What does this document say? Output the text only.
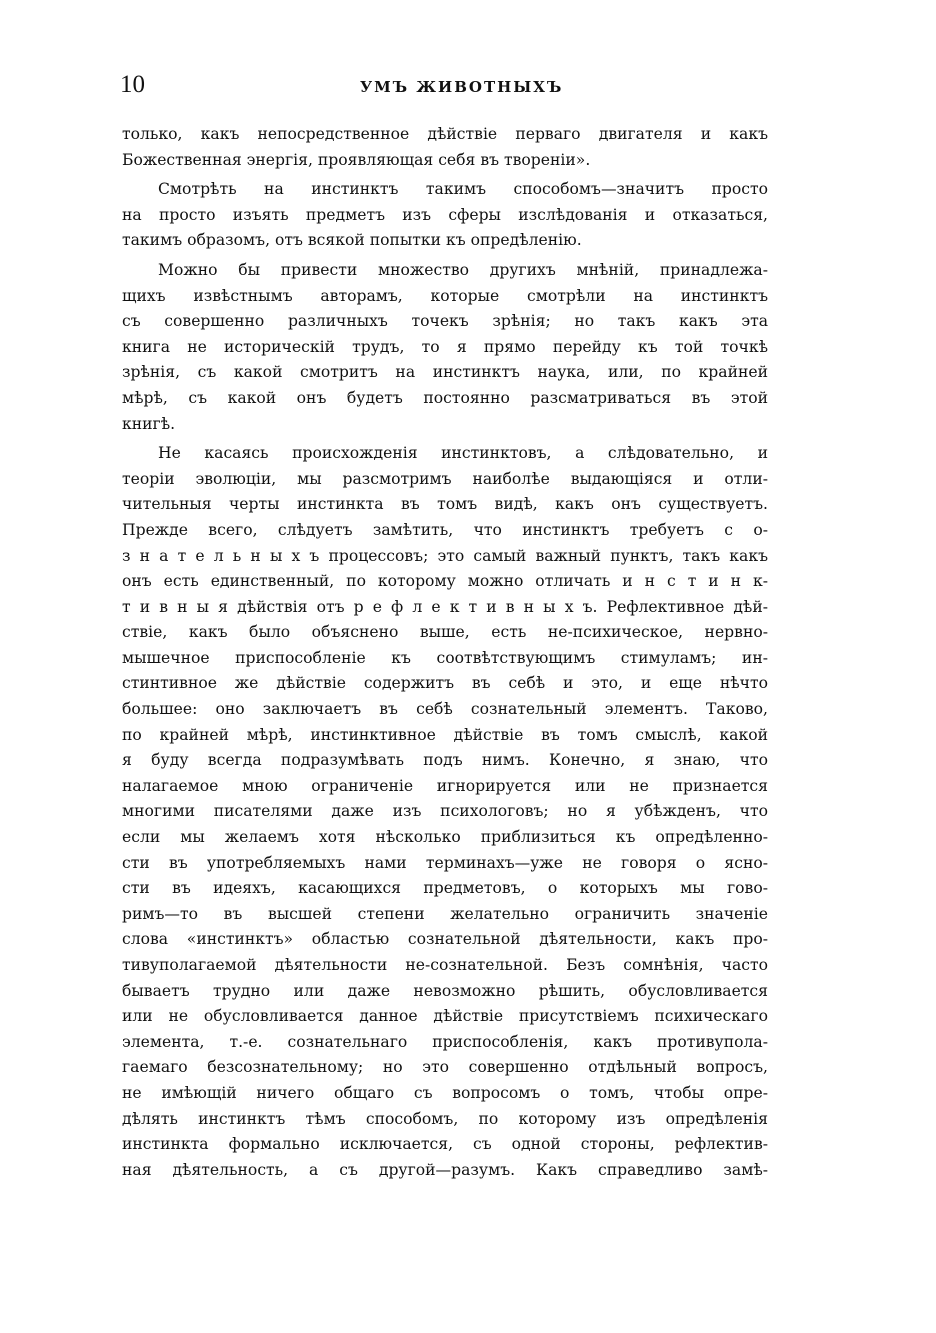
10	УМЪ ЖИВОТНЫХЪ
только, какъ непосредственное дѣйствіе перваго двигателя и какъ
Божественная энергія, проявляющая себя въ твореніи».
Смотрѣть на инстинктъ такимъ способомъ—значитъ просто
на просто изъять предметъ изъ сферы изслѣдованія и отказаться,
такимъ образомъ, отъ всякой попытки къ опредѣленію.
Можно бы привести множество другихъ мнѣній, принадлежа-
щихъ извѣстнымъ авторамъ, которые смотрѣли на инстинктъ
съ совершенно различныхъ точекъ зрѣнія; но такъ какъ эта
книга не историческій трудъ, то я прямо перейду къ той точкѣ
зрѣнія, съ какой смотритъ на инстинктъ наука, или, по крайней
мѣрѣ, съ какой онъ будетъ постоянно разсматриваться въ этой
книгѣ.
Не касаясь происхожденія инстинктовъ, а слѣдовательно, и
теоріи эволюціи, мы разсмотримъ наиболѣе выдающіяся и отли-
чительныя черты инстинкта въ томъ видѣ, какъ онъ существуетъ.
Прежде всего, слѣдуетъ замѣтить, что инстинктъ требуетъ с о-
з н а т е л ь н ы х ъ процессовъ; это самый важный пунктъ, такъ какъ
онъ есть единственный, по которому можно отличать и н с т и н к-
т и в н ы я дѣйствія отъ р е ф л е к т и в н ы х ъ. Рефлективное дѣй-
ствіе, какъ было объяснено выше, есть не-психическое, нервно-
мышечное приспособленіе къ соотвѣтствующимъ стимуламъ; ин-
стинтивное же дѣйствіе содержитъ въ себѣ и это, и еще нѣчто
большее: оно заключаетъ въ себѣ сознательный элементъ. Таково,
по крайней мѣрѣ, инстинктивное дѣйствіе въ томъ смыслѣ, какой
я буду всегда подразумѣвать подъ нимъ. Конечно, я знаю, что
налагаемое мною ограниченіе игнорируется или не признается
многими писателями даже изъ психологовъ; но я убѣжденъ, что
если мы желаемъ хотя нѣсколько приблизиться къ опредѣленно-
сти въ употребляемыхъ нами терминахъ—уже не говоря о ясно-
сти въ идеяхъ, касающихся предметовъ, о которыхъ мы гово-
римъ—то въ высшей степени желательно ограничить значеніе
слова «инстинктъ» областью сознательной дѣятельности, какъ про-
тивуполагаемой дѣятельности не-сознательной. Безъ сомнѣнія, часто
бываетъ трудно или даже невозможно рѣшить, обусловливается
или не обусловливается данное дѣйствіе присутствіемъ психическаго
элемента, т.-е. сознательнаго приспособленія, какъ противупола-
гаемаго безсознательному; но это совершенно отдѣльный вопросъ,
не имѣющій ничего общаго съ вопросомъ о томъ, чтобы опре-
дѣлять инстинктъ тѣмъ способомъ, по которому изъ опредѣленія
инстинкта формально исключается, съ одной стороны, рефлектив-
ная дѣятельность, а съ другой—разумъ. Какъ справедливо замѣ-
